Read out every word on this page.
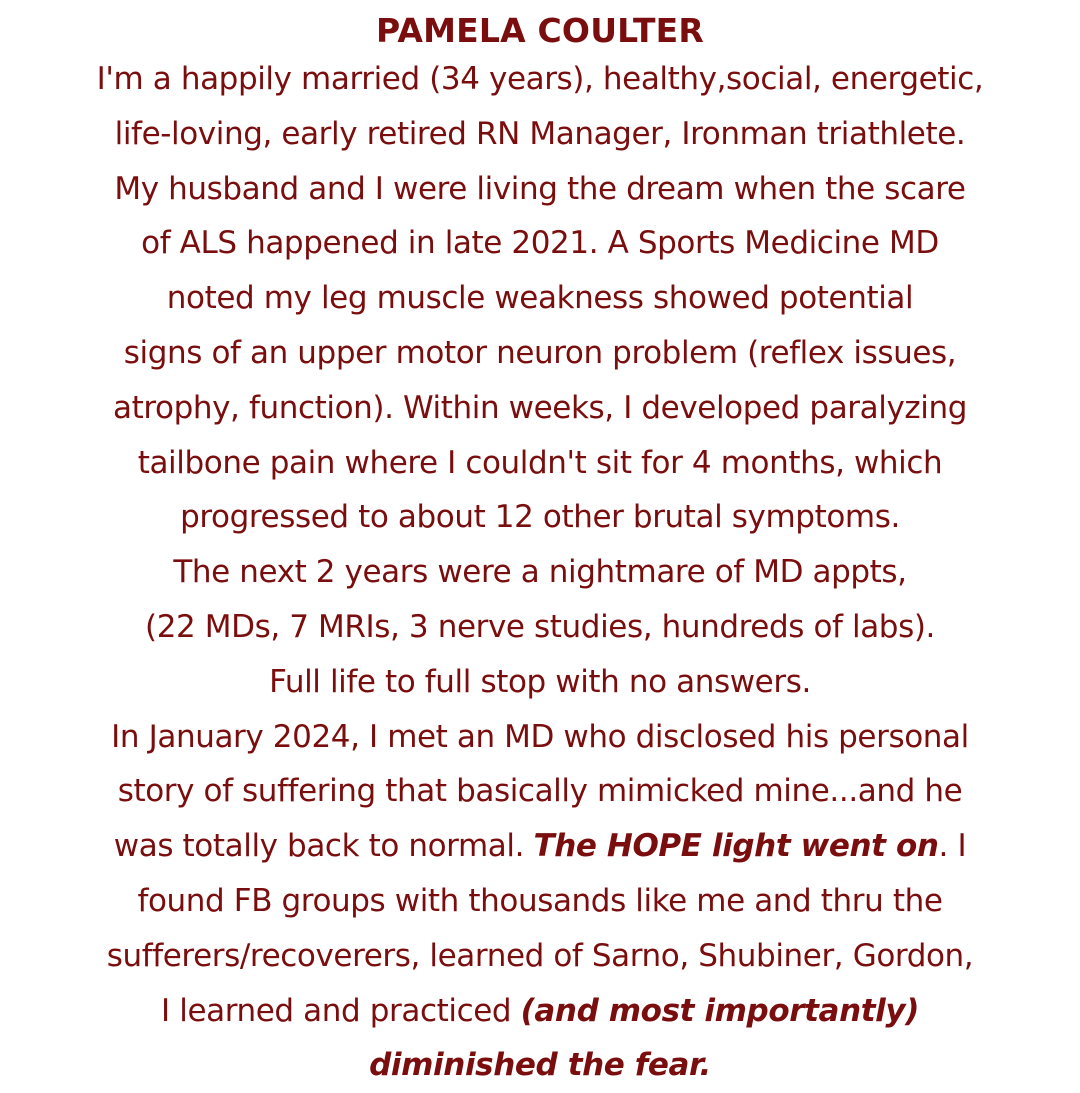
PAMELA COULTER
I'm a happily married (34 years), healthy,social, energetic,
life-loving, early retired RN Manager, Ironman triathlete.
My husband and I were living the dream when the scare
of ALS happened in late 2021. A Sports Medicine MD
noted my leg muscle weakness showed potential
signs of an upper motor neuron problem (reflex issues,
atrophy, function). Within weeks, I developed paralyzing
tailbone pain where I couldn't sit for 4 months, which
progressed to about 12 other brutal symptoms.
The next 2 years were a nightmare of MD appts,
(22 MDs, 7 MRIs, 3 nerve studies, hundreds of labs).
Full life to full stop with no answers.
In January 2024, I met an MD who disclosed his personal
story of suffering that basically mimicked mine...and he
was totally back to normal. The HOPE light went on. I
found FB groups with thousands like me and thru the
sufferers/recoverers, learned of Sarno, Shubiner, Gordon,
I learned and practiced (and most importantly)
diminished the fear.
